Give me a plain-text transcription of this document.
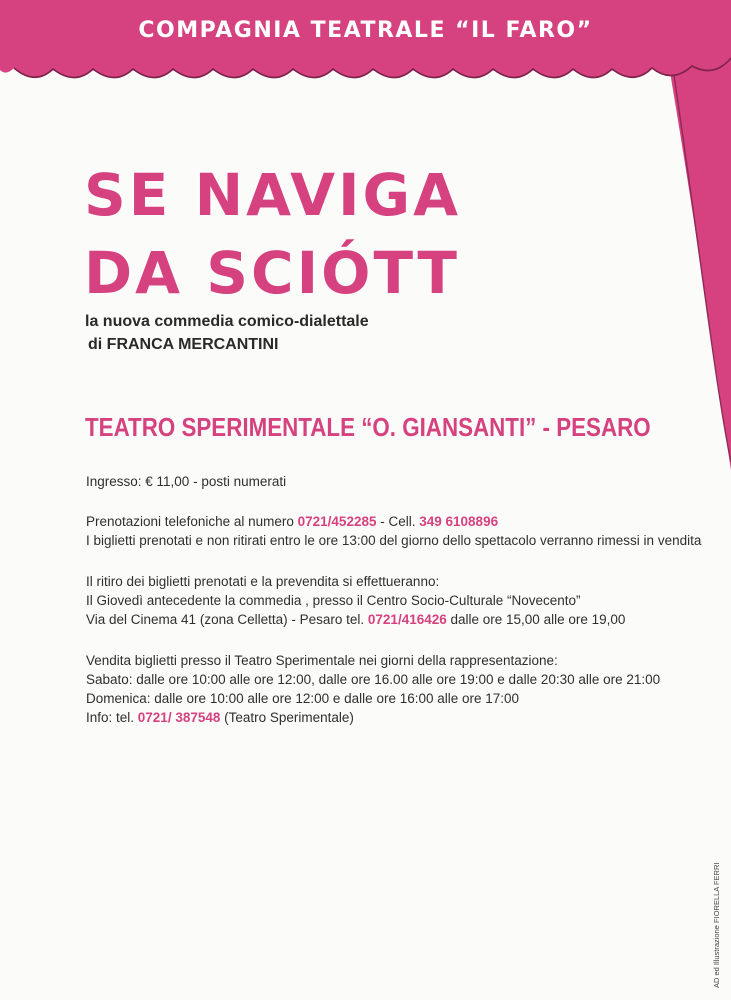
COMPAGNIA TEATRALE “IL FARO”
SE NAVIGA
DA SCIÓTT
la nuova commedia comico-dialettale
di FRANCA MERCANTINI
TEATRO SPERIMENTALE “O. GIANSANTI” - PESARO

Ingresso: € 11,00 - posti numerati

Prenotazioni telefoniche al numero 0721/452285 - Cell. 349 6108896

I biglietti prenotati e non ritirati entro le ore 13:00 del giorno dello spettacolo verranno rimessi in vendita

Il ritiro dei biglietti prenotati e la prevendita si effettueranno:

Il Giovedì antecedente la commedia , presso il Centro Socio-Culturale “Novecento”

Via del Cinema 41 (zona Celletta) - Pesaro tel. 0721/416426 dalle ore 15,00 alle ore 19,00

Vendita biglietti presso il Teatro Sperimentale nei giorni della rappresentazione:

Sabato: dalle ore 10:00 alle ore 12:00, dalle ore 16.00 alle ore 19:00 e dalle 20:30 alle ore 21:00

Domenica: dalle ore 10:00 alle ore 12:00 e dalle ore 16:00 alle ore 17:00

Info: tel. 0721/ 387548 (Teatro Sperimentale)

AD ed Illustrazione FIORELLA FERRI
